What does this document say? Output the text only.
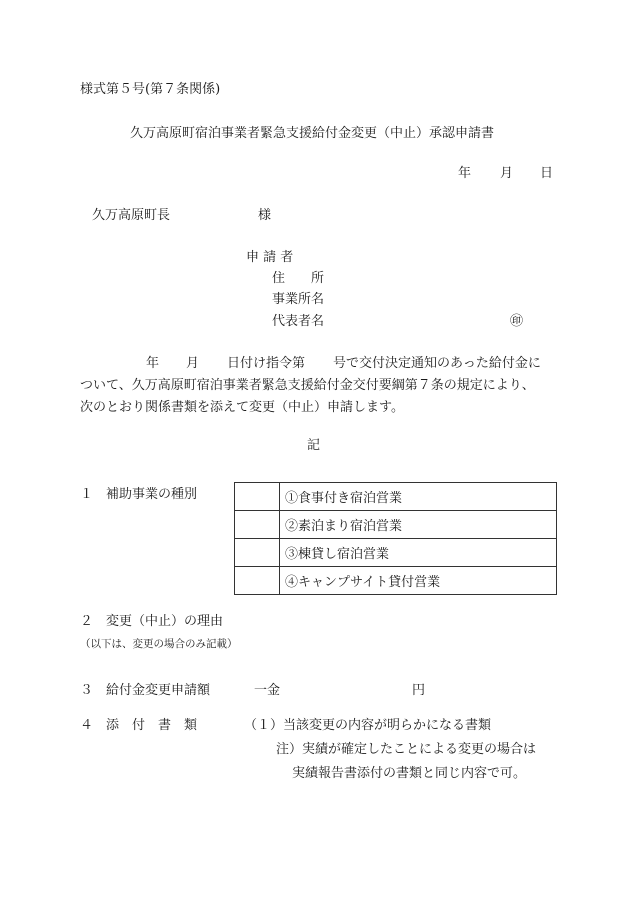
様式第５号(第７条関係)
久万高原町宿泊事業者緊急支援給付金変更（中止）承認申請書
年 月 日
久万高原町長	様
申 請 者
住　　所
事業所名
代表者名	㊞
年 月 日付け指令第 号で交付決定通知のあった給付金に
ついて、久万高原町宿泊事業者緊急支援給付金交付要綱第７条の規定により、
次のとおり関係書類を添えて変更（中止）申請します。
記
１　補助事業の種別
		①食事付き宿泊営業
	②素泊まり宿泊営業
	③棟貸し宿泊営業
	④キャンプサイト貸付営業
２　変更（中止）の理由
（以下は、変更の場合のみ記載）
３　給付金変更申請額	一金	円
４　添　付　書　類	（１）当該変更の内容が明らかになる書類
注）実績が確定したことによる変更の場合は
実績報告書添付の書類と同じ内容で可。
